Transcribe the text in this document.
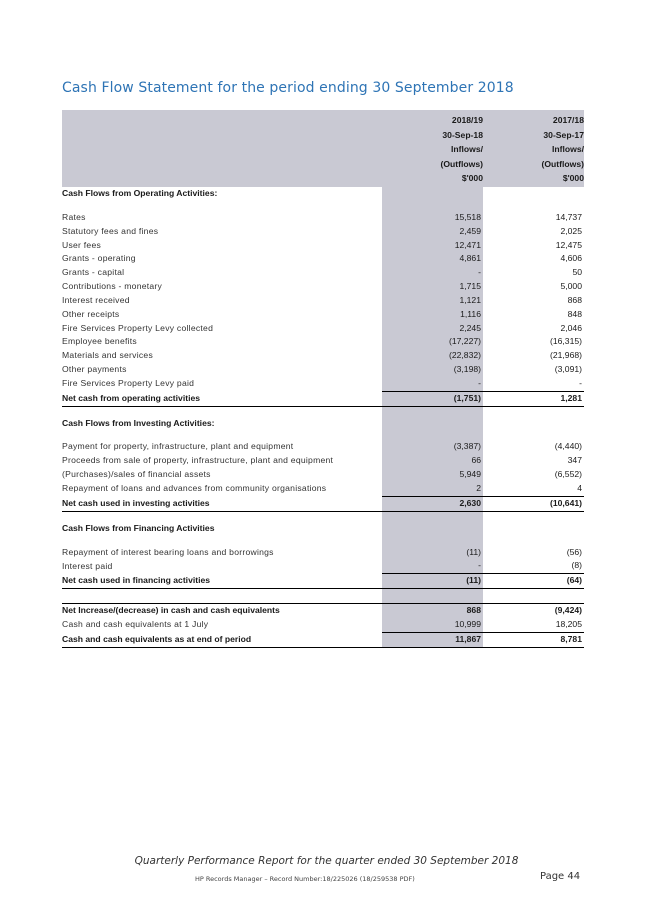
Cash Flow Statement for the period ending 30 September 2018
	2018/19	2017/18
	30-Sep-18	30-Sep-17
	Inflows/	Inflows/
	(Outflows)	(Outflows)
	$'000	$'000
Cash Flows from Operating Activities:		

Rates	15,518	14,737
Statutory fees and fines	2,459	2,025
User fees	12,471	12,475
Grants - operating	4,861	4,606
Grants - capital	-	50
Contributions - monetary	1,715	5,000
Interest received	1,121	868
Other receipts	1,116	848
Fire Services Property Levy collected	2,245	2,046
Employee benefits	(17,227)	(16,315)
Materials and services	(22,832)	(21,968)
Other payments	(3,198)	(3,091)
Fire Services Property Levy paid	-	-
Net cash from operating activities	(1,751)	1,281

Cash Flows from Investing Activities:		

Payment for property, infrastructure, plant and equipment	(3,387)	(4,440)
Proceeds from sale of property, infrastructure, plant and equipment	66	347
(Purchases)/sales of financial assets	5,949	(6,552)
Repayment of loans and advances from community organisations	2	4
Net cash used in investing activities	2,630	(10,641)

Cash Flows from Financing Activities		

Repayment of interest bearing loans and borrowings	(11)	(56)
Interest paid	-	(8)
Net cash used in financing activities	(11)	(64)

Net Increase/(decrease) in cash and cash equivalents	868	(9,424)
Cash and cash equivalents at 1 July	10,999	18,205
Cash and cash equivalents as at end of period	11,867	8,781
Quarterly Performance Report for the quarter ended 30 September 2018
HP Records Manager – Record Number:18/225026 (18/259538 PDF)	Page 44
